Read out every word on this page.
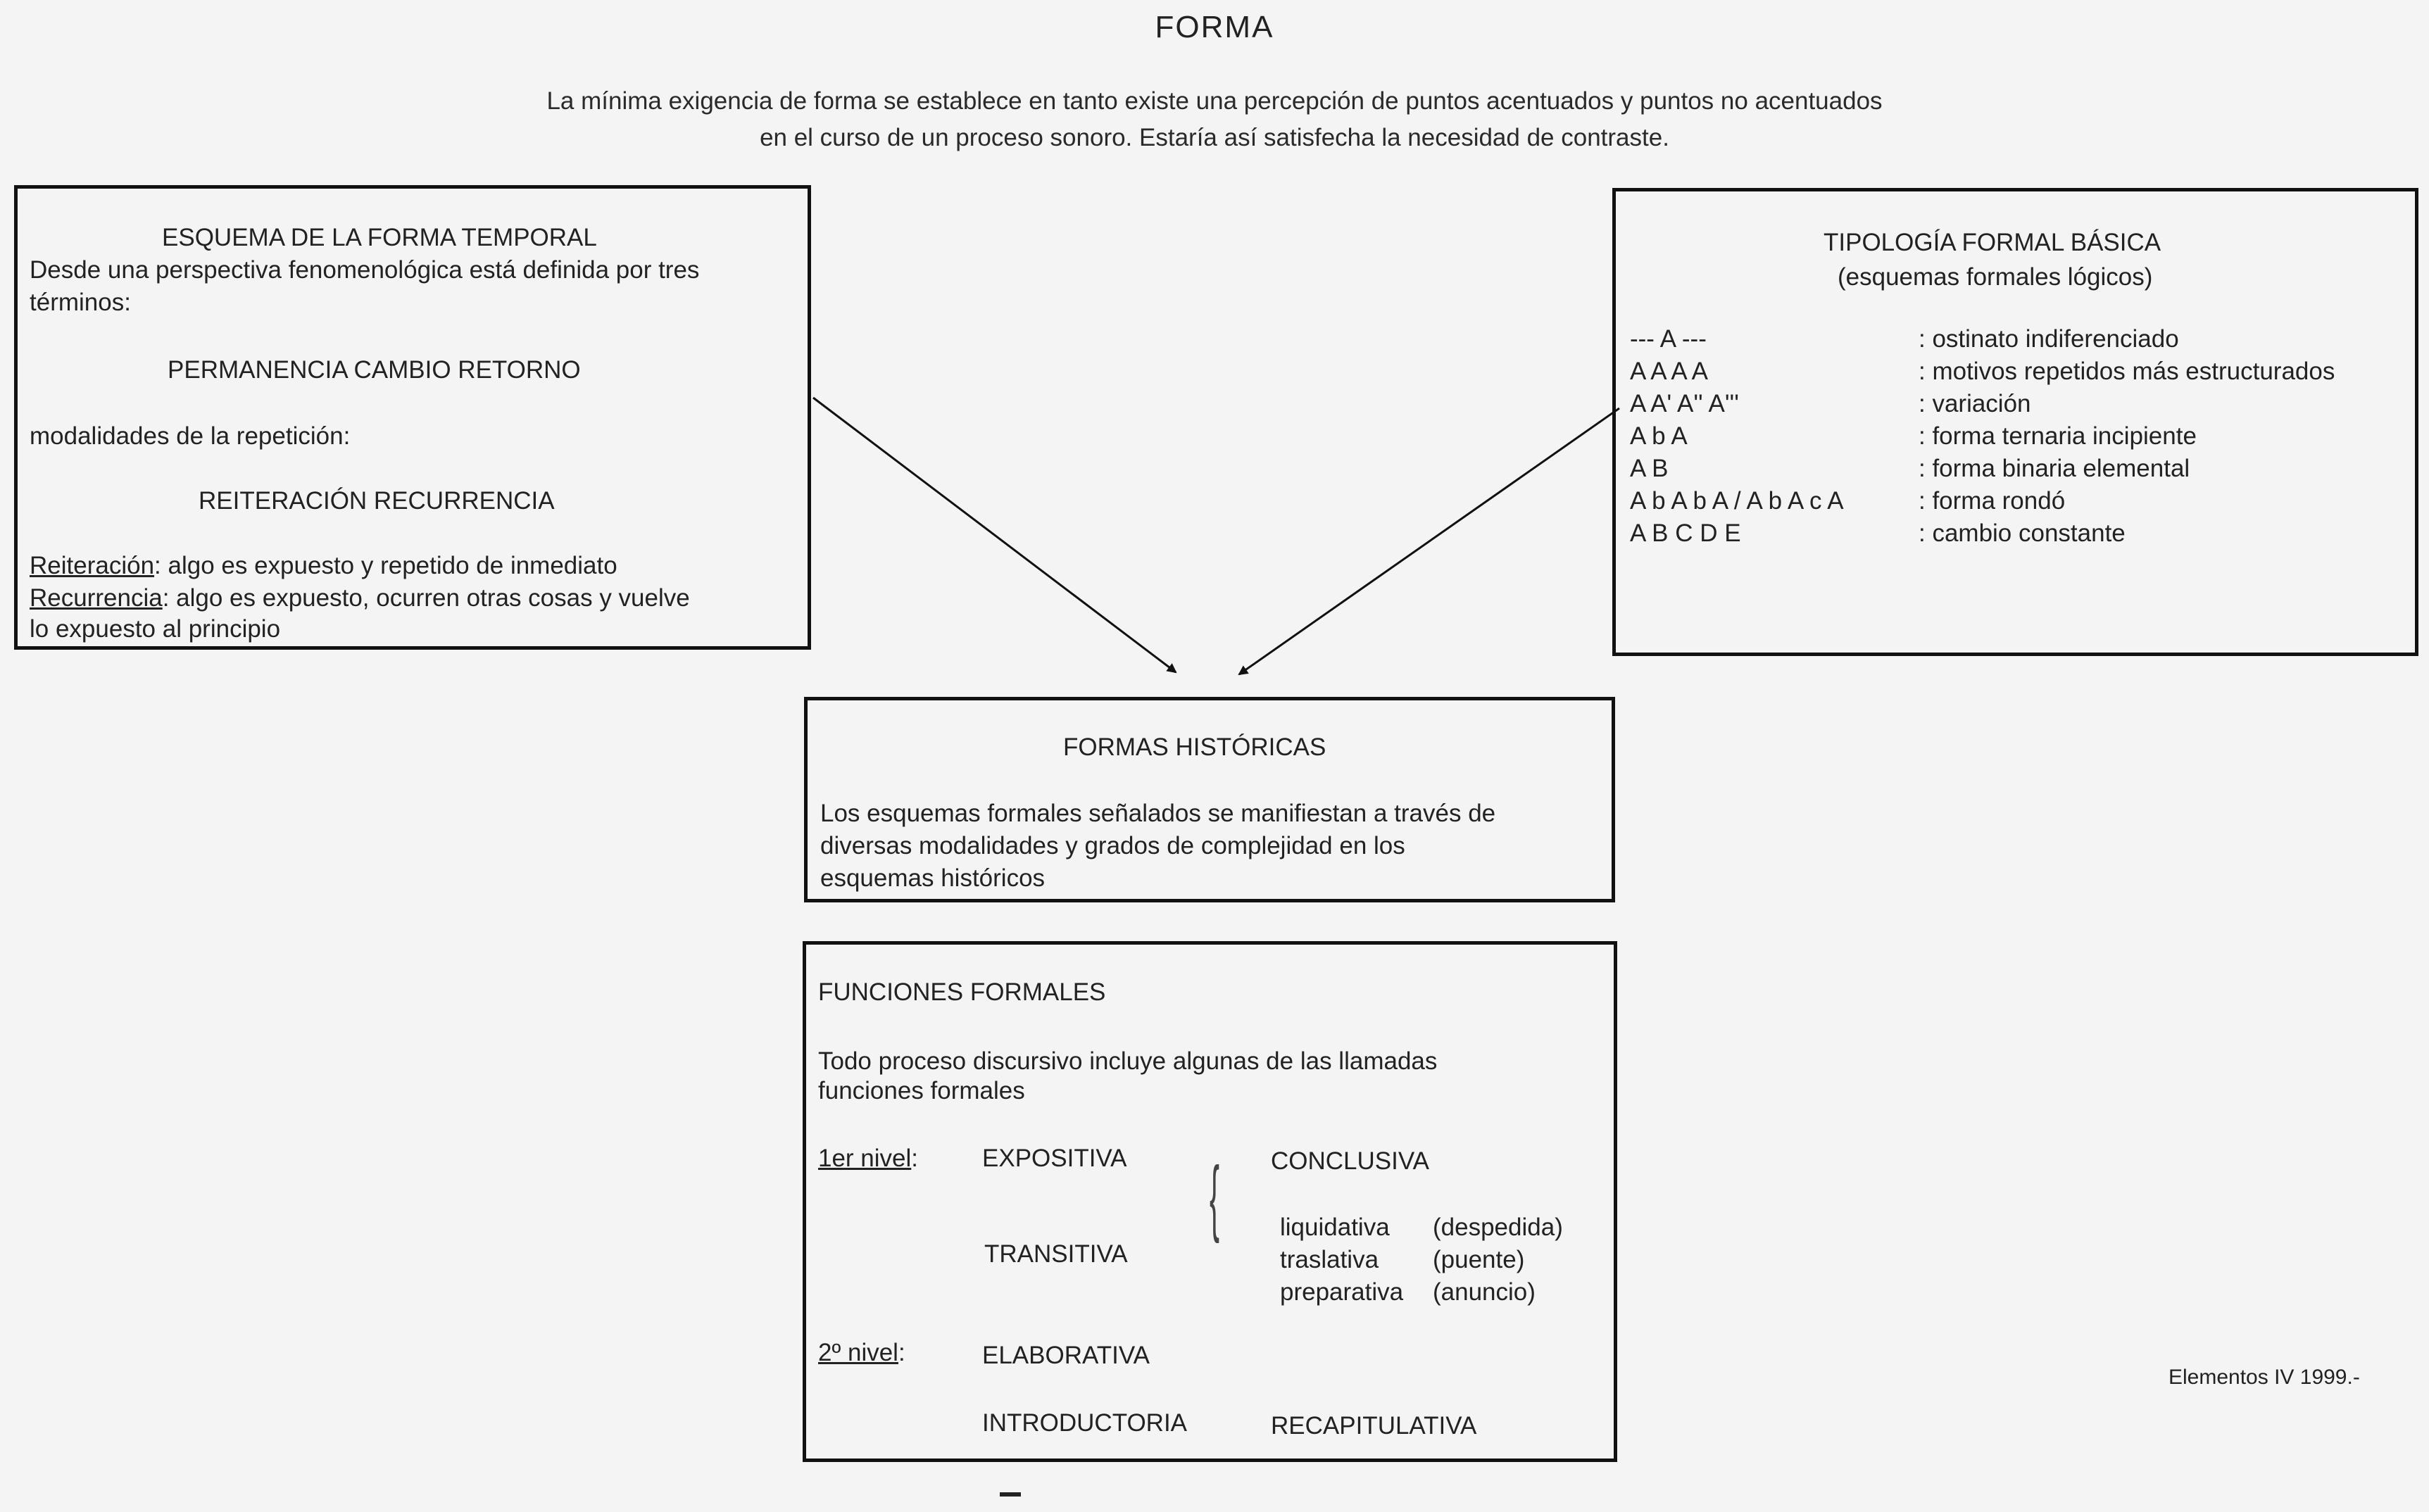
FORMA
La mínima exigencia de forma se establece en tanto existe una percepción de puntos acentuados y puntos no acentuados
en el curso de un proceso sonoro. Estaría así satisfecha la necesidad de contraste.
ESQUEMA DE LA FORMA TEMPORAL
Desde una perspectiva fenomenológica está definida por tres
términos:
PERMANENCIA CAMBIO RETORNO
modalidades de la repetición:
REITERACIÓN RECURRENCIA
Reiteración: algo es expuesto y repetido de inmediato
Recurrencia: algo es expuesto, ocurren otras cosas y vuelve
lo expuesto al principio
TIPOLOGÍA FORMAL BÁSICA
(esquemas formales lógicos)
--- A ---	: ostinato indiferenciado
A A A A	: motivos repetidos más estructurados
A A' A'' A'''	: variación
A b A	: forma ternaria incipiente
A B	: forma binaria elemental
A b A b A / A b A c A	: forma rondó
A B C D E	: cambio constante
FORMAS HISTÓRICAS
Los esquemas formales señalados se manifiestan a través de
diversas modalidades y grados de complejidad en los
esquemas históricos
FUNCIONES FORMALES
Todo proceso discursivo incluye algunas de las llamadas
funciones formales
1er nivel:	EXPOSITIVA	CONCLUSIVA
TRANSITIVA
{ liquidativa (despedida)
traslativa (puente)
preparativa (anuncio)
2º nivel:	ELABORATIVA
INTRODUCTORIA	RECAPITULATIVA
Elementos IV 1999.-
